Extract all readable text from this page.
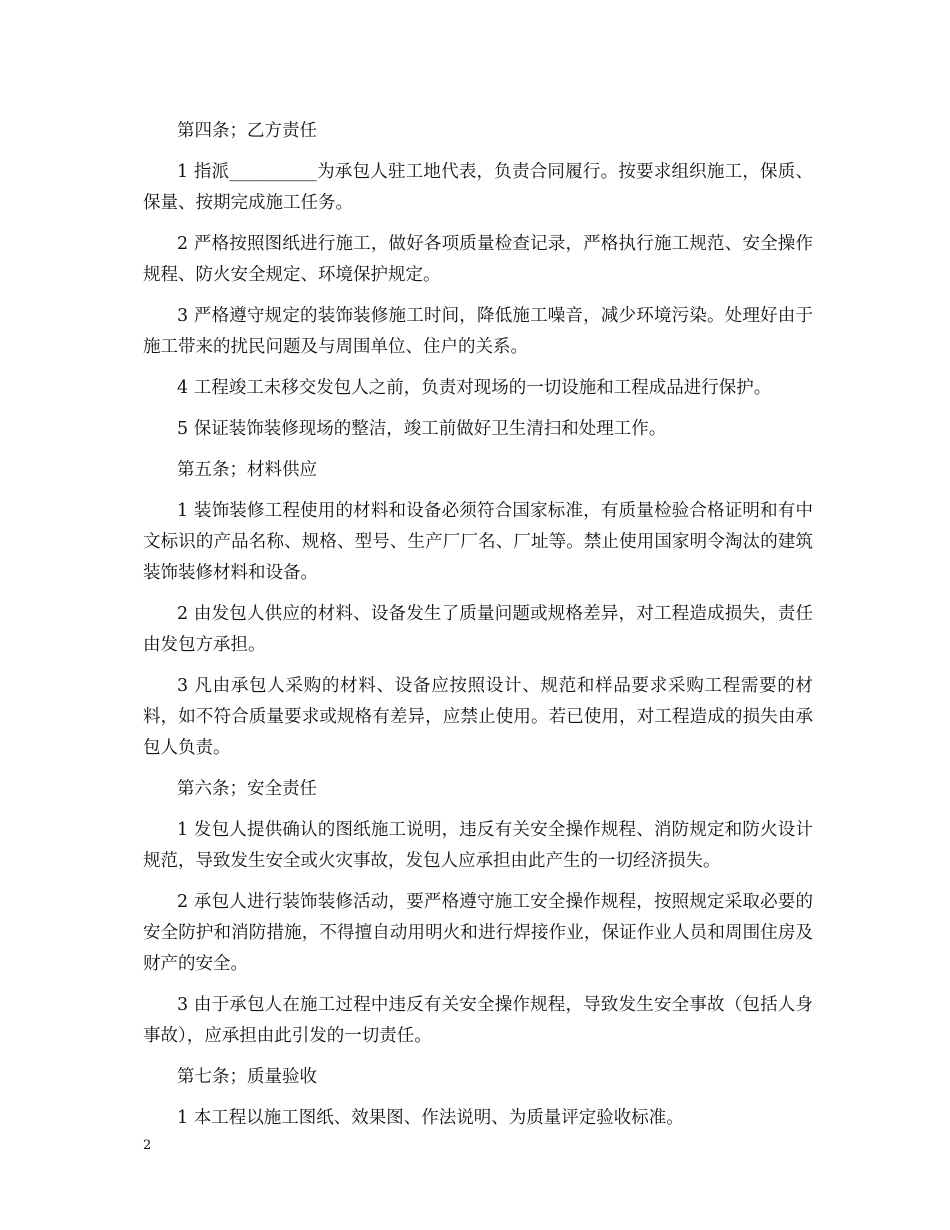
第四条；乙方责任

1 指派__________为承包人驻工地代表，负责合同履行。按要求组织施工，保质、保量、按期完成施工任务。

2 严格按照图纸进行施工，做好各项质量检查记录，严格执行施工规范、安全操作规程、防火安全规定、环境保护规定。

3 严格遵守规定的装饰装修施工时间，降低施工噪音，减少环境污染。处理好由于施工带来的扰民问题及与周围单位、住户的关系。

4 工程竣工未移交发包人之前，负责对现场的一切设施和工程成品进行保护。

5 保证装饰装修现场的整洁，竣工前做好卫生清扫和处理工作。

第五条；材料供应

1 装饰装修工程使用的材料和设备必须符合国家标准，有质量检验合格证明和有中文标识的产品名称、规格、型号、生产厂厂名、厂址等。禁止使用国家明令淘汰的建筑装饰装修材料和设备。

2 由发包人供应的材料、设备发生了质量问题或规格差异，对工程造成损失，责任由发包方承担。

3 凡由承包人采购的材料、设备应按照设计、规范和样品要求采购工程需要的材料，如不符合质量要求或规格有差异，应禁止使用。若已使用，对工程造成的损失由承包人负责。

第六条；安全责任

1 发包人提供确认的图纸施工说明，违反有关安全操作规程、消防规定和防火设计规范，导致发生安全或火灾事故，发包人应承担由此产生的一切经济损失。

2 承包人进行装饰装修活动，要严格遵守施工安全操作规程，按照规定采取必要的安全防护和消防措施，不得擅自动用明火和进行焊接作业，保证作业人员和周围住房及财产的安全。

3 由于承包人在施工过程中违反有关安全操作规程，导致发生安全事故（包括人身事故），应承担由此引发的一切责任。

第七条；质量验收

1 本工程以施工图纸、效果图、作法说明、为质量评定验收标准。

2
